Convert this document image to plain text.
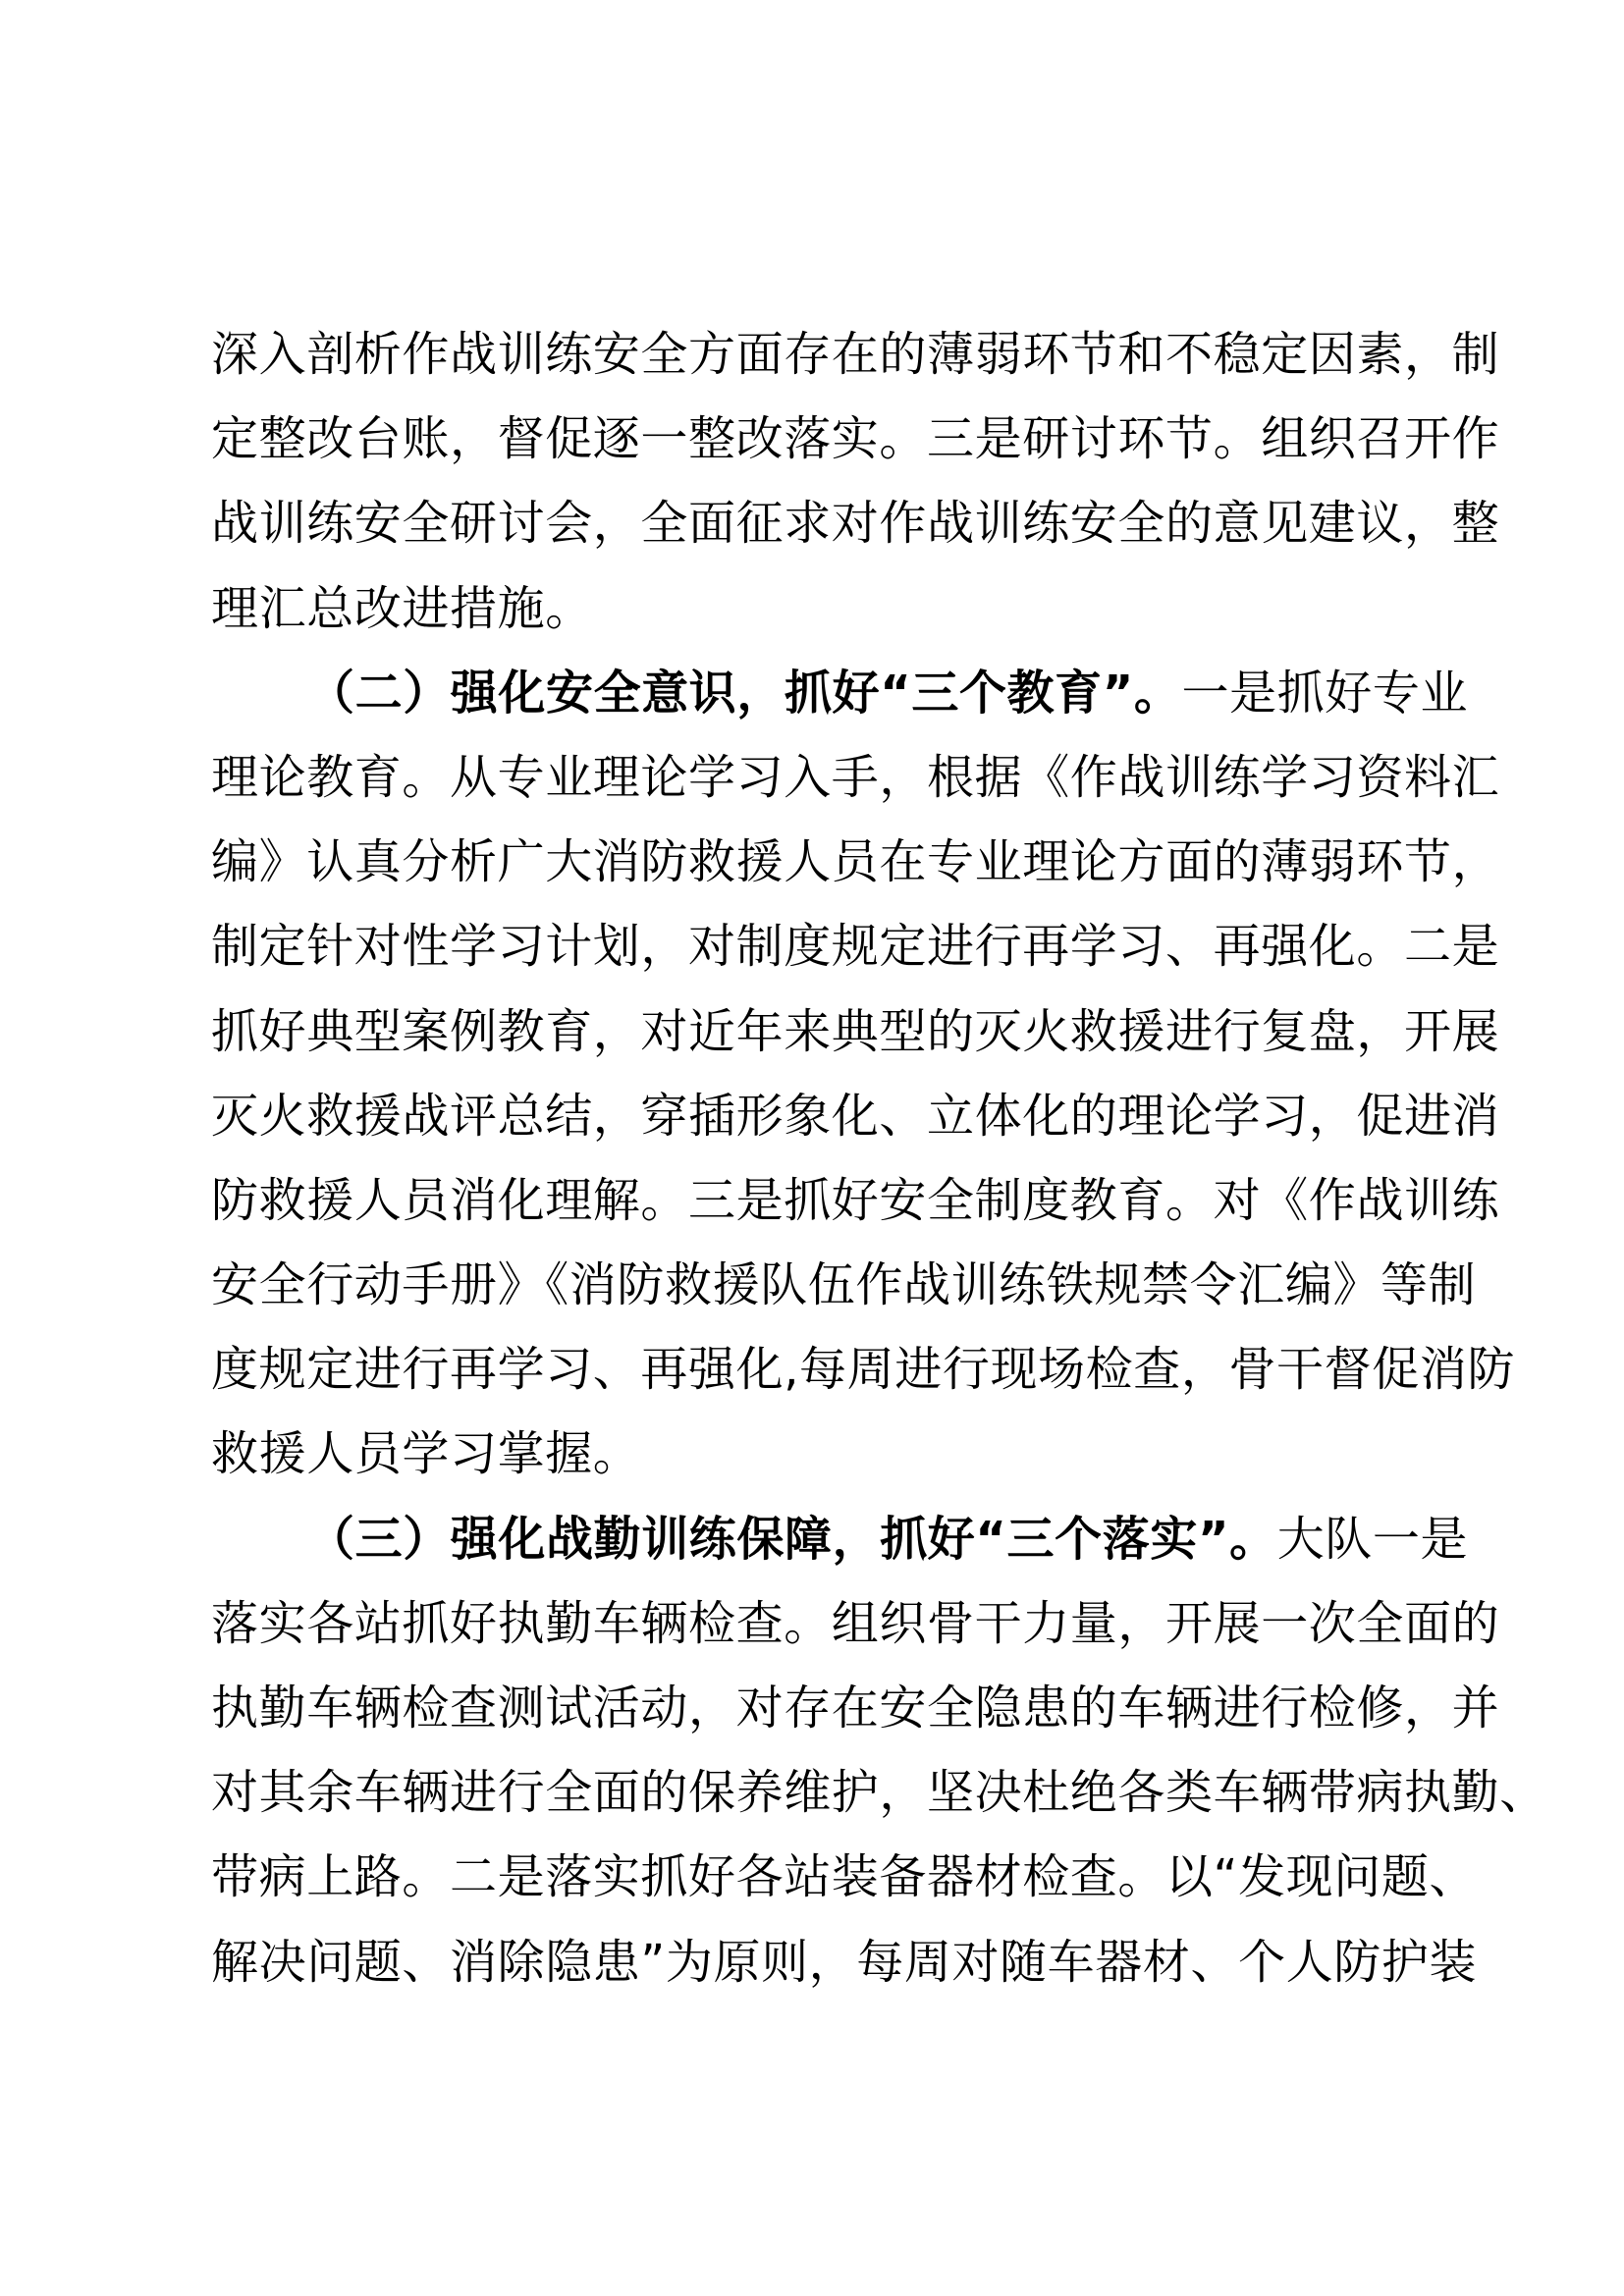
深入剖析作战训练安全方面存在的薄弱环节和不稳定因素，制
定整改台账，督促逐一整改落实。三是研讨环节。组织召开作
战训练安全研讨会，全面征求对作战训练安全的意见建议，整
理汇总改进措施。
（二）强化安全意识，抓好“三个教育”。一是抓好专业
理论教育。从专业理论学习入手，根据《作战训练学习资料汇
编》认真分析广大消防救援人员在专业理论方面的薄弱环节，
制定针对性学习计划，对制度规定进行再学习、再强化。二是
抓好典型案例教育，对近年来典型的灭火救援进行复盘，开展
灭火救援战评总结，穿插形象化、立体化的理论学习，促进消
防救援人员消化理解。三是抓好安全制度教育。对《作战训练
安全行动手册》《消防救援队伍作战训练铁规禁令汇编》等制
度规定进行再学习、再强化,每周进行现场检查，骨干督促消防
救援人员学习掌握。
（三）强化战勤训练保障，抓好“三个落实”。大队一是
落实各站抓好执勤车辆检查。组织骨干力量，开展一次全面的
执勤车辆检查测试活动，对存在安全隐患的车辆进行检修，并
对其余车辆进行全面的保养维护，坚决杜绝各类车辆带病执勤、
带病上路。二是落实抓好各站装备器材检查。以“发现问题、
解决问题、消除隐患”为原则，每周对随车器材、个人防护装
